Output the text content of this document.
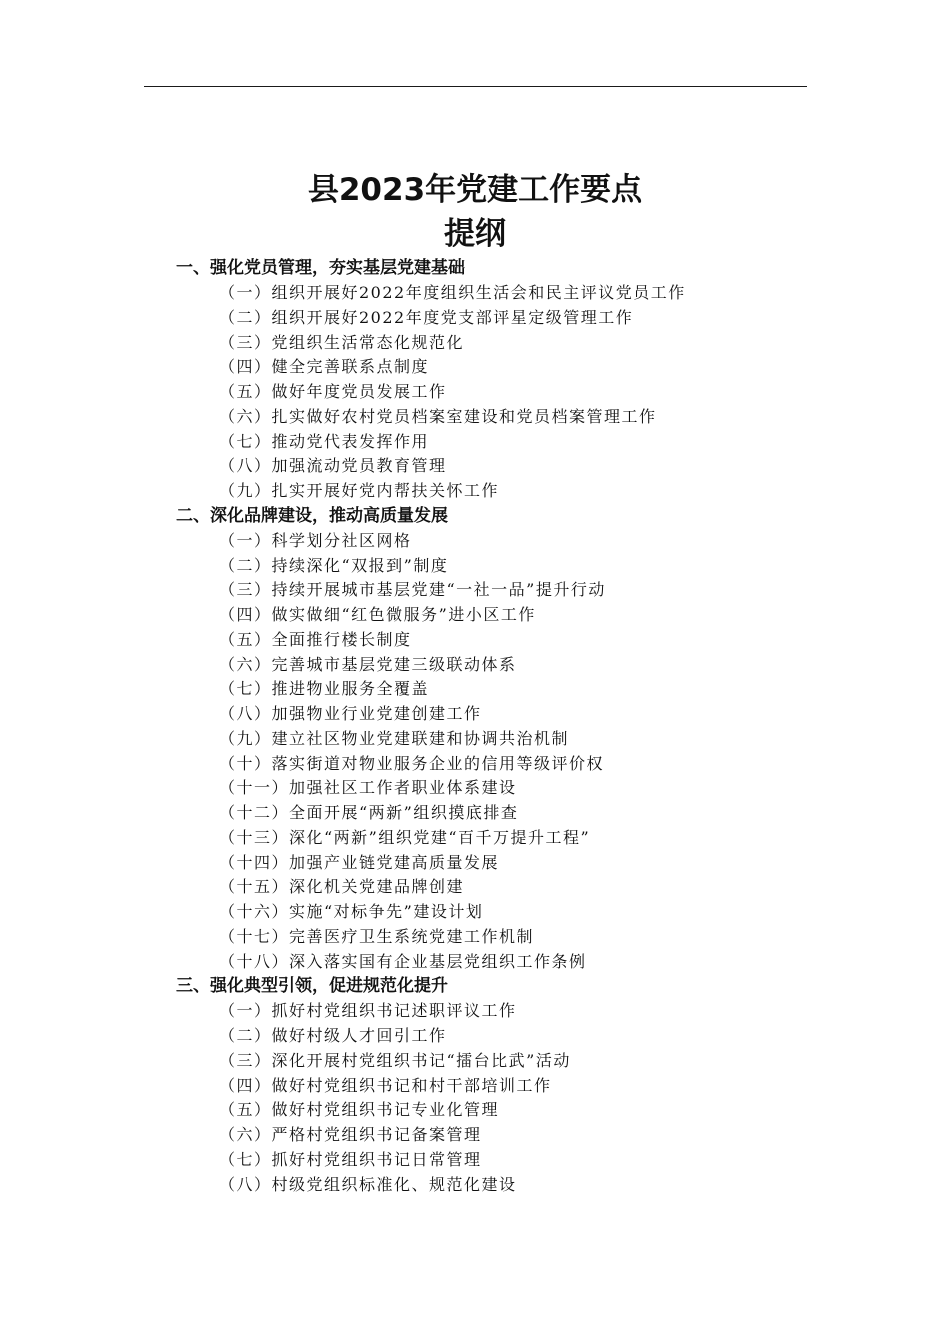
县2023年党建工作要点
提纲
一、强化党员管理，夯实基层党建基础
（一）组织开展好2022年度组织生活会和民主评议党员工作
（二）组织开展好2022年度党支部评星定级管理工作
（三）党组织生活常态化规范化
（四）健全完善联系点制度
（五）做好年度党员发展工作
（六）扎实做好农村党员档案室建设和党员档案管理工作
（七）推动党代表发挥作用
（八）加强流动党员教育管理
（九）扎实开展好党内帮扶关怀工作
二、深化品牌建设，推动高质量发展
（一）科学划分社区网格
（二）持续深化“双报到”制度
（三）持续开展城市基层党建“一社一品”提升行动
（四）做实做细“红色微服务”进小区工作
（五）全面推行楼长制度
（六）完善城市基层党建三级联动体系
（七）推进物业服务全覆盖
（八）加强物业行业党建创建工作
（九）建立社区物业党建联建和协调共治机制
（十）落实街道对物业服务企业的信用等级评价权
（十一）加强社区工作者职业体系建设
（十二）全面开展“两新”组织摸底排查
（十三）深化“两新”组织党建“百千万提升工程”
（十四）加强产业链党建高质量发展
（十五）深化机关党建品牌创建
（十六）实施“对标争先”建设计划
（十七）完善医疗卫生系统党建工作机制
（十八）深入落实国有企业基层党组织工作条例
三、强化典型引领，促进规范化提升
（一）抓好村党组织书记述职评议工作
（二）做好村级人才回引工作
（三）深化开展村党组织书记“擂台比武”活动
（四）做好村党组织书记和村干部培训工作
（五）做好村党组织书记专业化管理
（六）严格村党组织书记备案管理
（七）抓好村党组织书记日常管理
（八）村级党组织标准化、规范化建设
